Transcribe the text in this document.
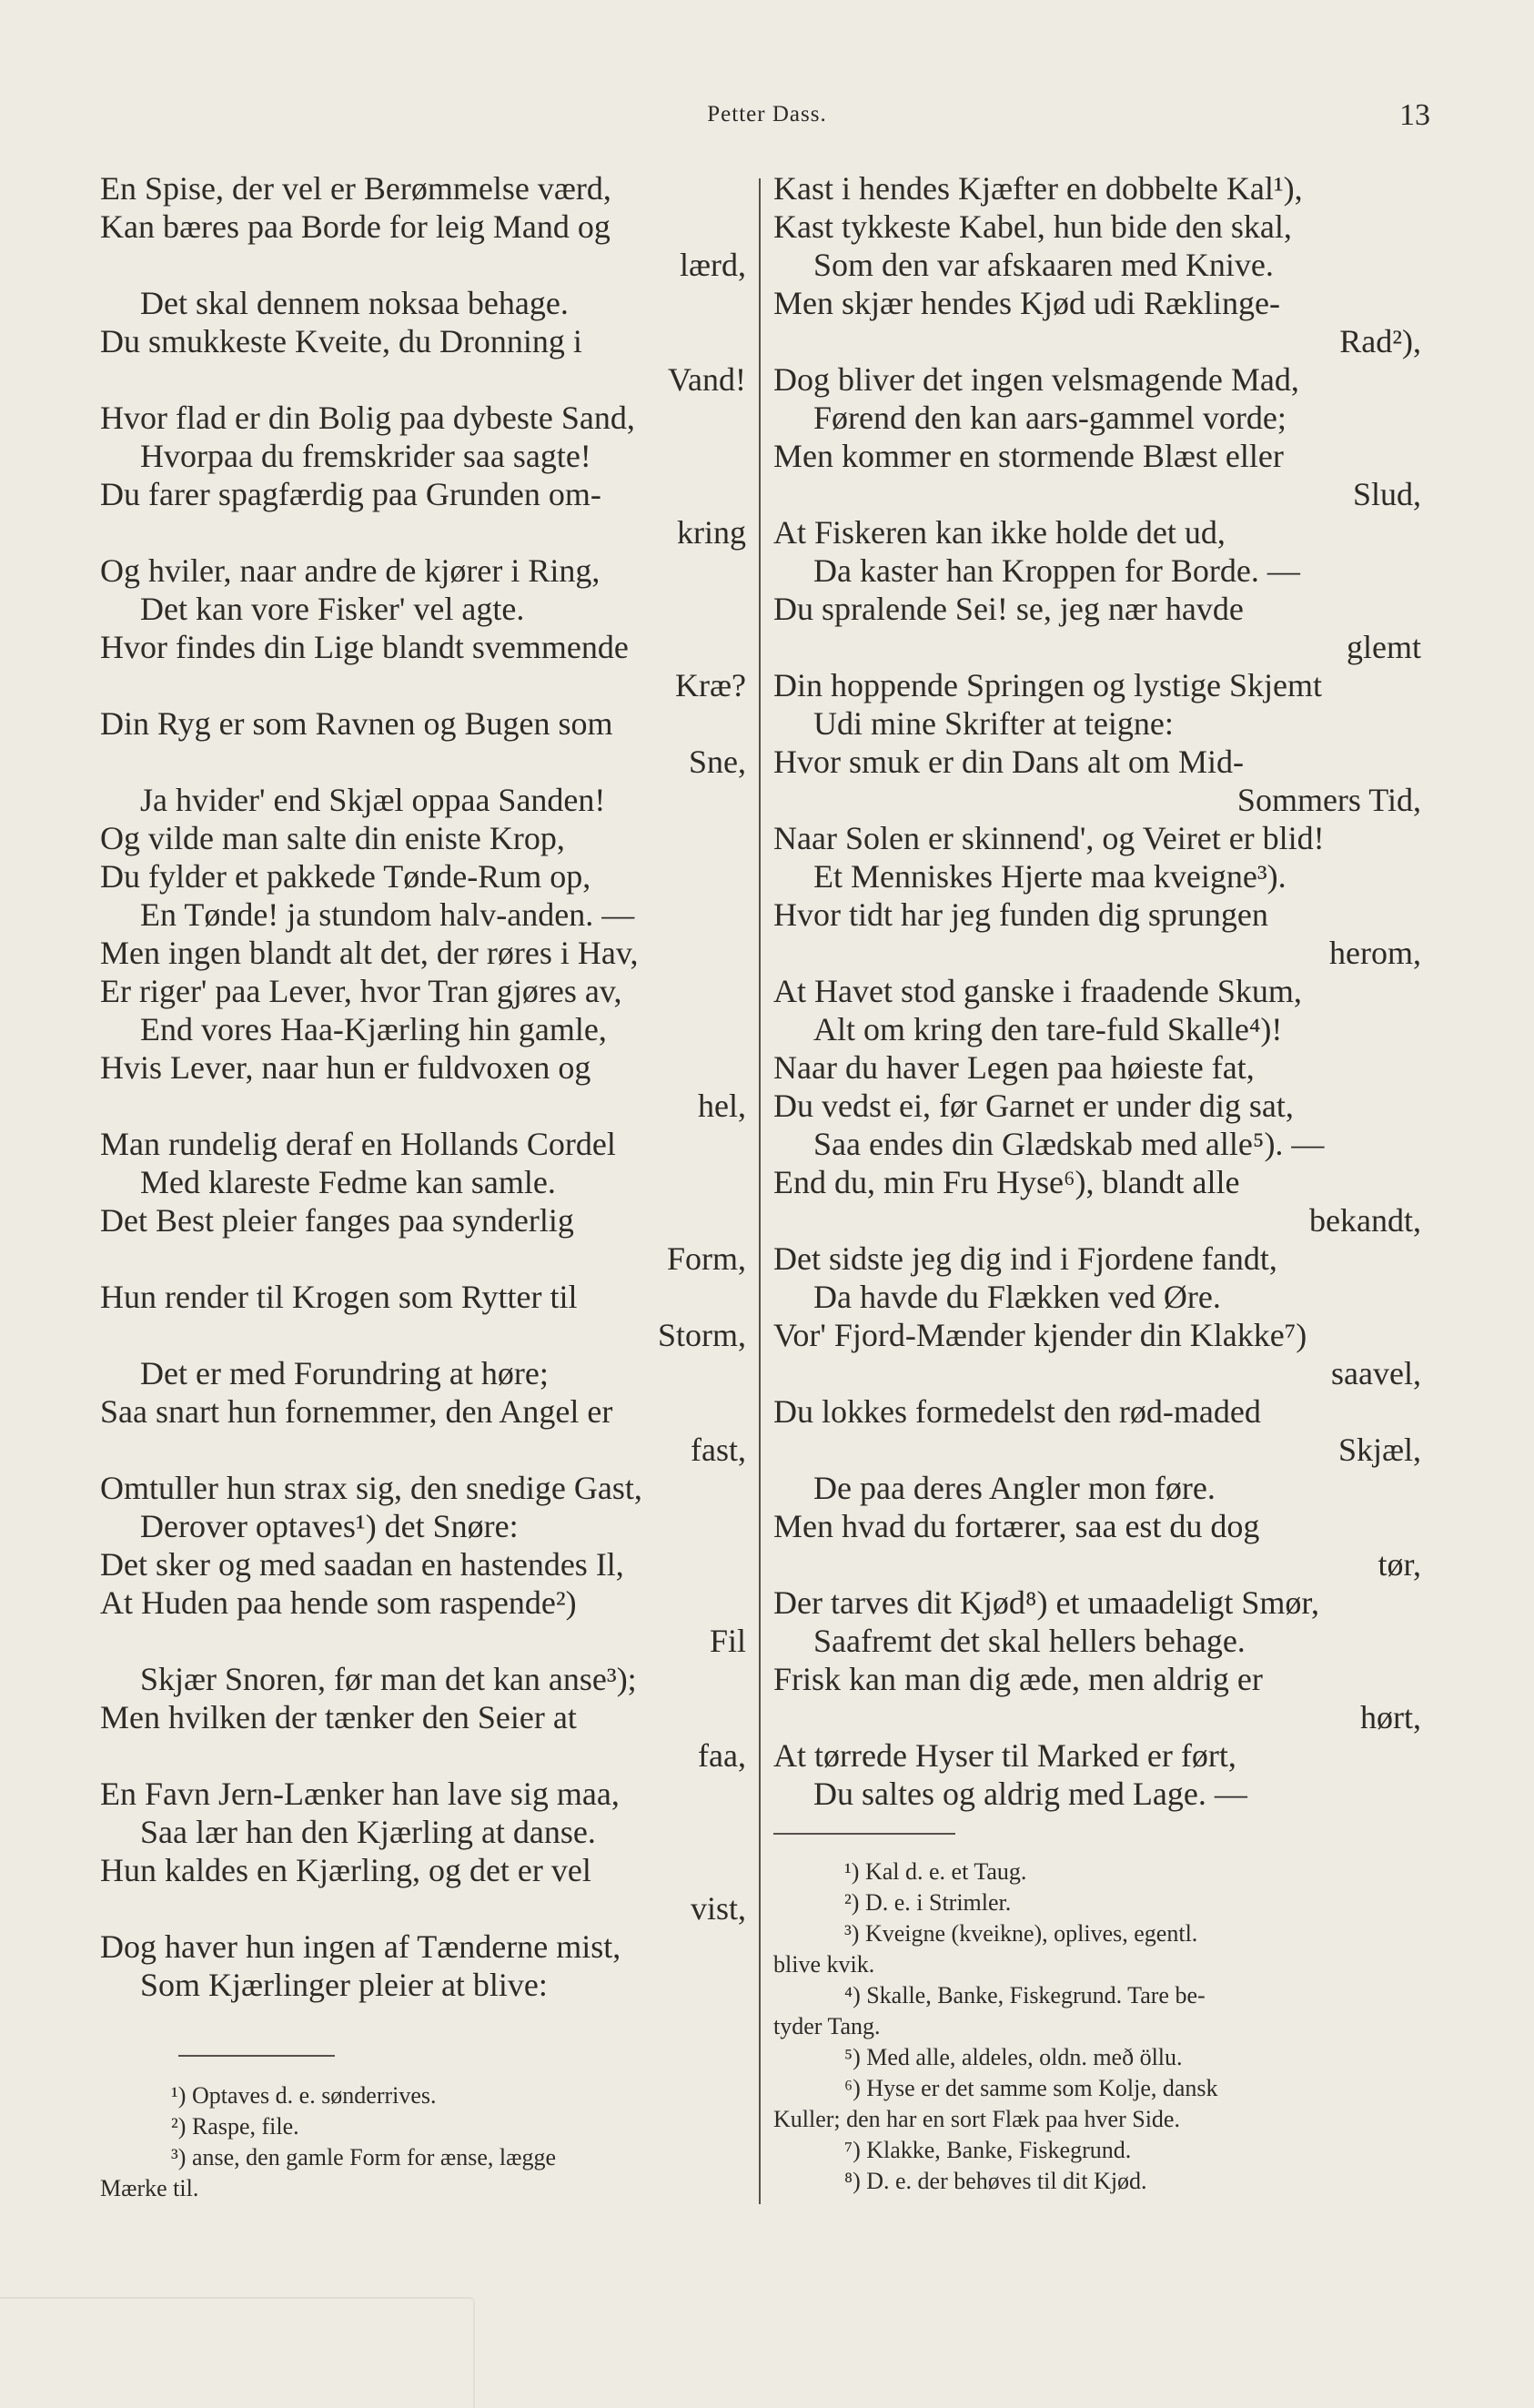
Petter Dass.	13
En Spise, der vel er Berømmelse værd,
Kan bæres paa Borde for leig Mand og
lærd,
Det skal dennem noksaa behage.
Du smukkeste Kveite, du Dronning i
Vand!
Hvor flad er din Bolig paa dybeste Sand,
Hvorpaa du fremskrider saa sagte!
Du farer spagfærdig paa Grunden om-
kring
Og hviler, naar andre de kjører i Ring,
Det kan vore Fisker' vel agte.
Hvor findes din Lige blandt svemmende
Kræ?
Din Ryg er som Ravnen og Bugen som
Sne,
Ja hvider' end Skjæl oppaa Sanden!
Og vilde man salte din eniste Krop,
Du fylder et pakkede Tønde-Rum op,
En Tønde! ja stundom halv-anden. —
Men ingen blandt alt det, der røres i Hav,
Er riger' paa Lever, hvor Tran gjøres av,
End vores Haa-Kjærling hin gamle,
Hvis Lever, naar hun er fuldvoxen og
hel,
Man rundelig deraf en Hollands Cordel
Med klareste Fedme kan samle.
Det Best pleier fanges paa synderlig
Form,
Hun render til Krogen som Rytter til
Storm,
Det er med Forundring at høre;
Saa snart hun fornemmer, den Angel er
fast,
Omtuller hun strax sig, den snedige Gast,
Derover optaves¹) det Snøre:
Det sker og med saadan en hastendes Il,
At Huden paa hende som raspende²)
Fil
Skjær Snoren, før man det kan anse³);
Men hvilken der tænker den Seier at
faa,
En Favn Jern-Lænker han lave sig maa,
Saa lær han den Kjærling at danse.
Hun kaldes en Kjærling, og det er vel
vist,
Dog haver hun ingen af Tænderne mist,
Som Kjærlinger pleier at blive:

¹) Optaves d. e. sønderrives.

²) Raspe, file.

³) anse, den gamle Form for ænse, lægge

Mærke til.

Kast i hendes Kjæfter en dobbelte Kal¹),
Kast tykkeste Kabel, hun bide den skal,
Som den var afskaaren med Knive.
Men skjær hendes Kjød udi Ræklinge-
Rad²),
Dog bliver det ingen velsmagende Mad,
Førend den kan aars-gammel vorde;
Men kommer en stormende Blæst eller
Slud,
At Fiskeren kan ikke holde det ud,
Da kaster han Kroppen for Borde. —
Du spralende Sei! se, jeg nær havde
glemt
Din hoppende Springen og lystige Skjemt
Udi mine Skrifter at teigne:
Hvor smuk er din Dans alt om Mid-
Sommers Tid,
Naar Solen er skinnend', og Veiret er blid!
Et Menniskes Hjerte maa kveigne³).
Hvor tidt har jeg funden dig sprungen
herom,
At Havet stod ganske i fraadende Skum,
Alt om kring den tare-fuld Skalle⁴)!
Naar du haver Legen paa høieste fat,
Du vedst ei, før Garnet er under dig sat,
Saa endes din Glædskab med alle⁵). —
End du, min Fru Hyse⁶), blandt alle
bekandt,
Det sidste jeg dig ind i Fjordene fandt,
Da havde du Flækken ved Øre.
Vor' Fjord-Mænder kjender din Klakke⁷)
saavel,
Du lokkes formedelst den rød-maded
Skjæl,
De paa deres Angler mon føre.
Men hvad du fortærer, saa est du dog
tør,
Der tarves dit Kjød⁸) et umaadeligt Smør,
Saafremt det skal hellers behage.
Frisk kan man dig æde, men aldrig er
hørt,
At tørrede Hyser til Marked er ført,
Du saltes og aldrig med Lage. —

¹) Kal d. e. et Taug.

²) D. e. i Strimler.

³) Kveigne (kveikne), oplives, egentl.

blive kvik.

⁴) Skalle, Banke, Fiskegrund. Tare be-

tyder Tang.

⁵) Med alle, aldeles, oldn. með öllu.

⁶) Hyse er det samme som Kolje, dansk

Kuller; den har en sort Flæk paa hver Side.

⁷) Klakke, Banke, Fiskegrund.

⁸) D. e. der behøves til dit Kjød.
